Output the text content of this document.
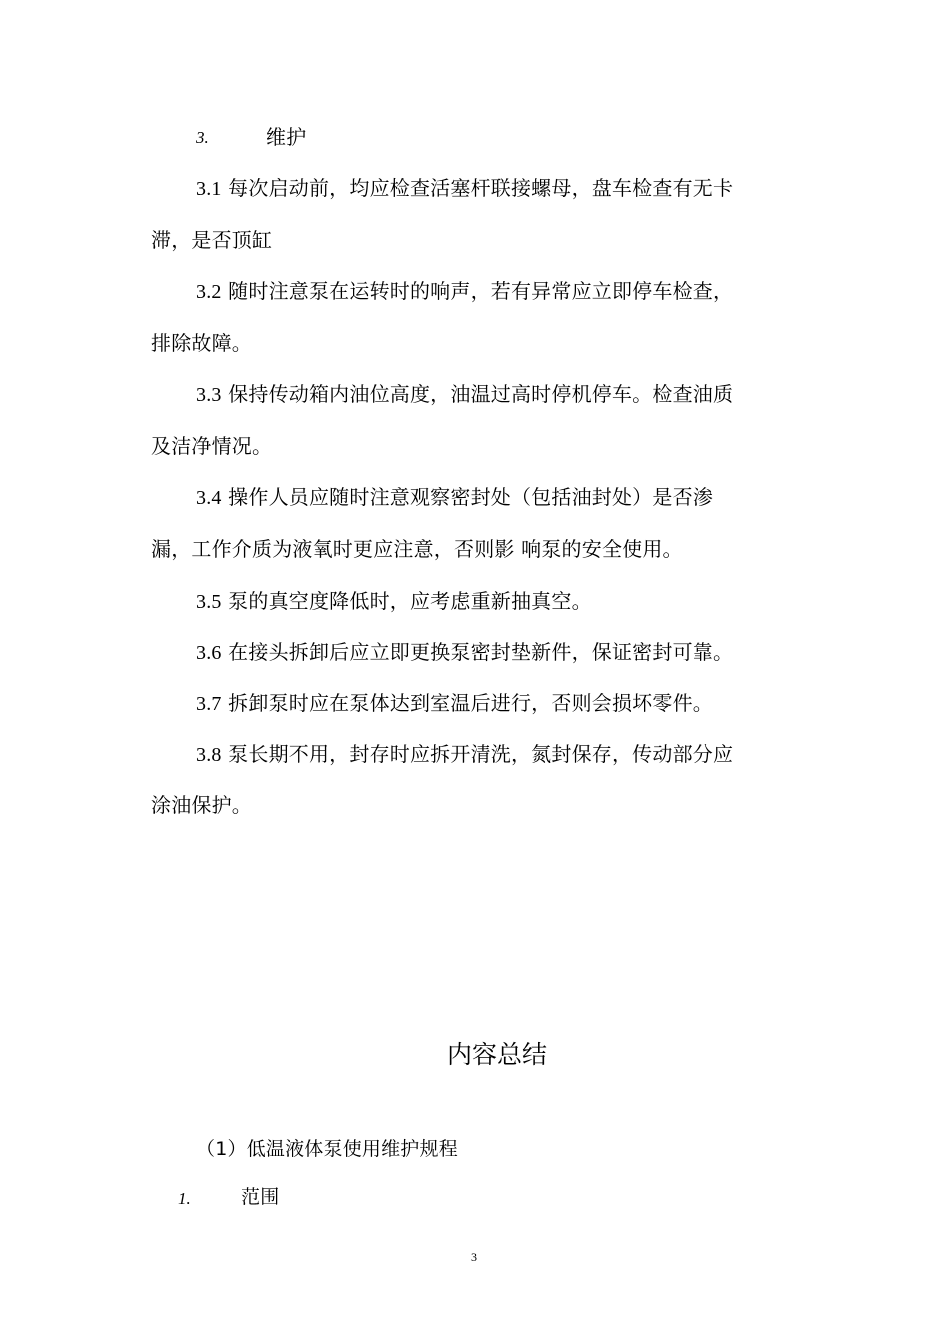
3.	维护
3.1 每次启动前，均应检查活塞杆联接螺母，盘车检查有无卡
滞，是否顶缸
3.2 随时注意泵在运转时的响声，若有异常应立即停车检查，
排除故障。
3.3 保持传动箱内油位高度，油温过高时停机停车。检查油质
及洁净情况。
3.4 操作人员应随时注意观察密封处（包括油封处）是否渗
漏，工作介质为液氧时更应注意，否则影 响泵的安全使用。
3.5 泵的真空度降低时，应考虑重新抽真空。
3.6 在接头拆卸后应立即更换泵密封垫新件，保证密封可靠。
3.7 拆卸泵时应在泵体达到室温后进行，否则会损坏零件。
3.8 泵长期不用，封存时应拆开清洗，氮封保存，传动部分应
涂油保护。
内容总结
（1）低温液体泵使用维护规程
1.	范围
3
